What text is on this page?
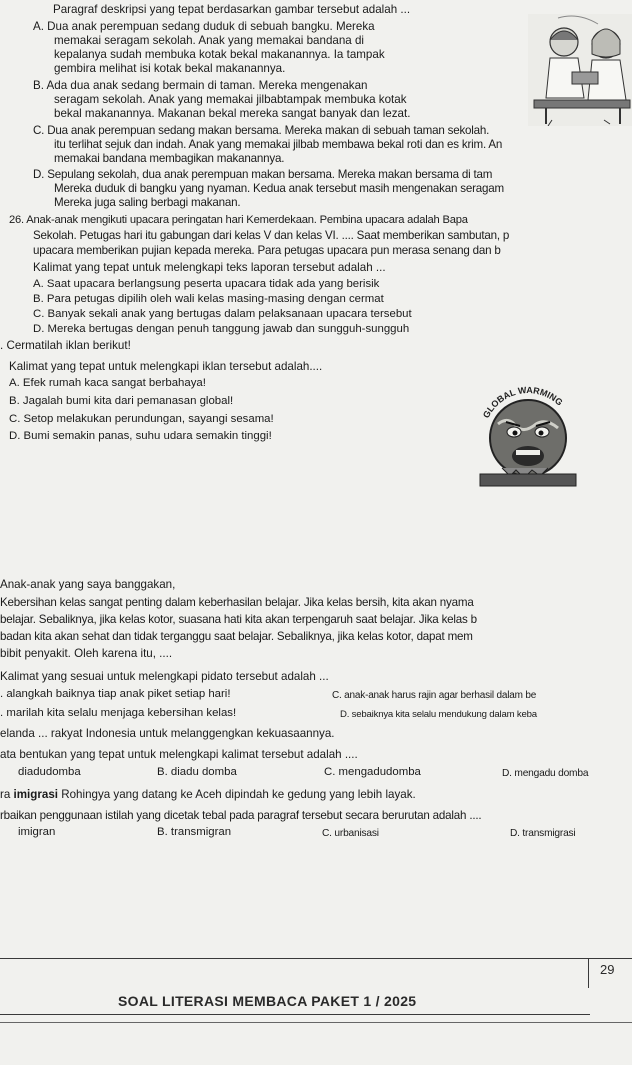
Paragraf deskripsi yang tepat berdasarkan gambar tersebut adalah ...
A. Dua anak perempuan sedang duduk di sebuah bangku. Mereka
memakai seragam sekolah. Anak yang memakai bandana di
kepalanya sudah membuka kotak bekal makanannya. Ia tampak
gembira melihat isi kotak bekal makanannya.
B. Ada dua anak sedang bermain di taman. Mereka mengenakan
seragam sekolah. Anak yang memakai jilbabtampak membuka kotak
bekal makanannya. Makanan bekal mereka sangat banyak dan lezat.
C. Dua anak perempuan sedang makan bersama. Mereka makan di sebuah taman sekolah.
itu terlihat sejuk dan indah. Anak yang memakai jilbab membawa bekal roti dan es krim. An
memakai bandana membagikan makanannya.
D. Sepulang sekolah, dua anak perempuan makan bersama. Mereka makan bersama di tam
Mereka duduk di bangku yang nyaman. Kedua anak tersebut masih mengenakan seragam
Mereka juga saling berbagi makanan.
26. Anak-anak mengikuti upacara peringatan hari Kemerdekaan. Pembina upacara adalah Bapa
Sekolah. Petugas hari itu gabungan dari kelas V dan kelas VI. .... Saat memberikan sambutan, p
upacara memberikan pujian kepada mereka. Para petugas upacara pun merasa senang dan b
Kalimat yang tepat untuk melengkapi teks laporan tersebut adalah ...
A. Saat upacara berlangsung peserta upacara tidak ada yang berisik
B. Para petugas dipilih oleh wali kelas masing-masing dengan cermat
C. Banyak sekali anak yang bertugas dalam pelaksanaan upacara tersebut
D. Mereka bertugas dengan penuh tanggung jawab dan sungguh-sungguh
. Cermatilah iklan berikut!
Kalimat yang tepat untuk melengkapi iklan tersebut adalah....
A. Efek rumah kaca sangat berbahaya!
B. Jagalah bumi kita dari pemanasan global!
C. Setop melakukan perundungan, sayangi sesama!
D. Bumi semakin panas, suhu udara semakin tinggi!
GLOBAL WARMING
Anak-anak yang saya banggakan,
Kebersihan kelas sangat penting dalam keberhasilan belajar. Jika kelas bersih, kita akan nyama
belajar. Sebaliknya, jika kelas kotor, suasana hati kita akan terpengaruh saat belajar. Jika kelas b
badan kita akan sehat dan tidak terganggu saat belajar. Sebaliknya, jika kelas kotor, dapat mem
bibit penyakit. Oleh karena itu, ....
Kalimat yang sesuai untuk melengkapi pidato tersebut adalah ...
. alangkah baiknya tiap anak piket setiap hari!	C. anak-anak harus rajin agar berhasil dalam be
. marilah kita selalu menjaga kebersihan kelas!	D. sebaiknya kita selalu mendukung dalam keba
elanda ... rakyat Indonesia untuk melanggengkan kekuasaannya.
ata bentukan yang tepat untuk melengkapi kalimat tersebut adalah ....
diadudomba	B. diadu domba	C. mengadudomba	D. mengadu domba
ra imigrasi Rohingya yang datang ke Aceh dipindah ke gedung yang lebih layak.
rbaikan penggunaan istilah yang dicetak tebal pada paragraf tersebut secara berurutan adalah ....
imigran	B. transmigran	C. urbanisasi	D. transmigrasi
SOAL LITERASI MEMBACA PAKET 1 / 2025
29
